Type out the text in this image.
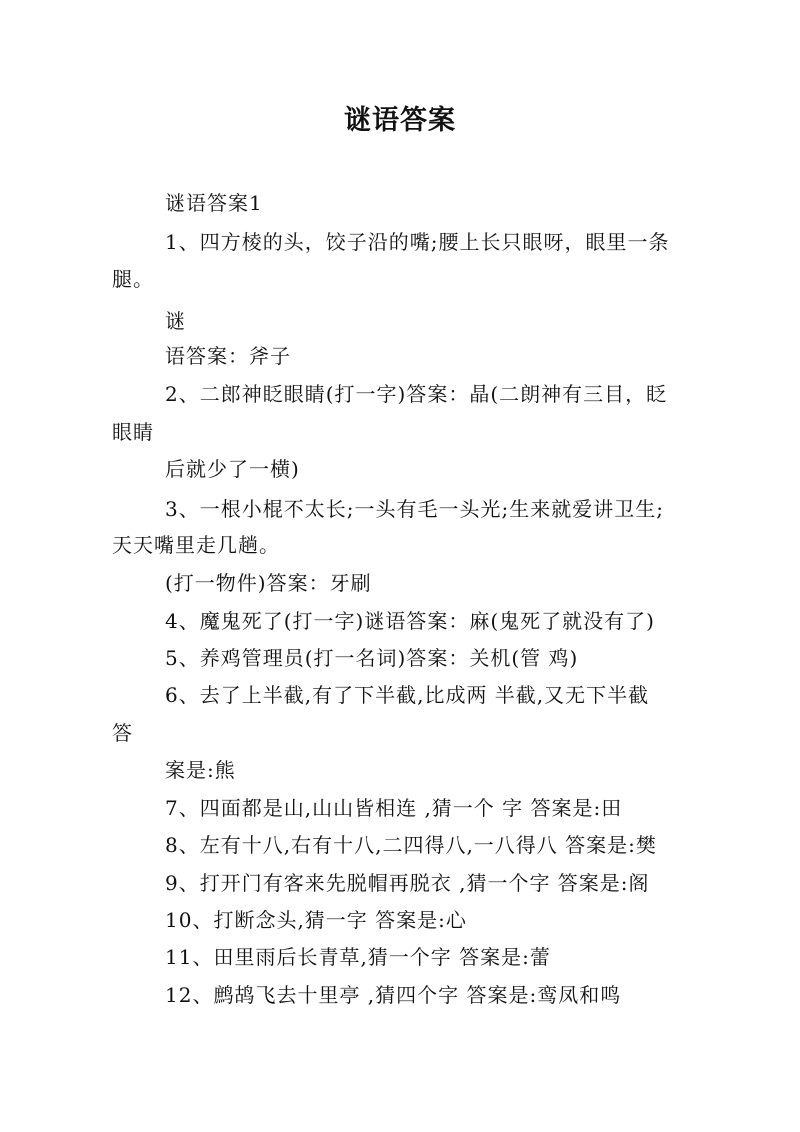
谜语答案
谜语答案1
1、四方棱的头，饺子沿的嘴;腰上长只眼呀，眼里一条
腿。
谜
语答案：斧子
2、二郎神眨眼睛(打一字)答案：晶(二朗神有三目，眨
眼睛
后就少了一横)
3、一根小棍不太长;一头有毛一头光;生来就爱讲卫生;
天天嘴里走几趟。
(打一物件)答案：牙刷
4、魔鬼死了(打一字)谜语答案：麻(鬼死了就没有了)
5、养鸡管理员(打一名词)答案：关机(管 鸡)
6、去了上半截,有了下半截,比成两 半截,又无下半截
答
案是:熊
7、四面都是山,山山皆相连 ,猜一个 字 答案是:田
8、左有十八,右有十八,二四得八,一八得八 答案是:樊
9、打开门有客来先脱帽再脱衣 ,猜一个字 答案是:阁
10、打断念头,猜一字 答案是:心
11、田里雨后长青草,猜一个字 答案是:蕾
12、鹧鸪飞去十里亭 ,猜四个字 答案是:鸾凤和鸣
